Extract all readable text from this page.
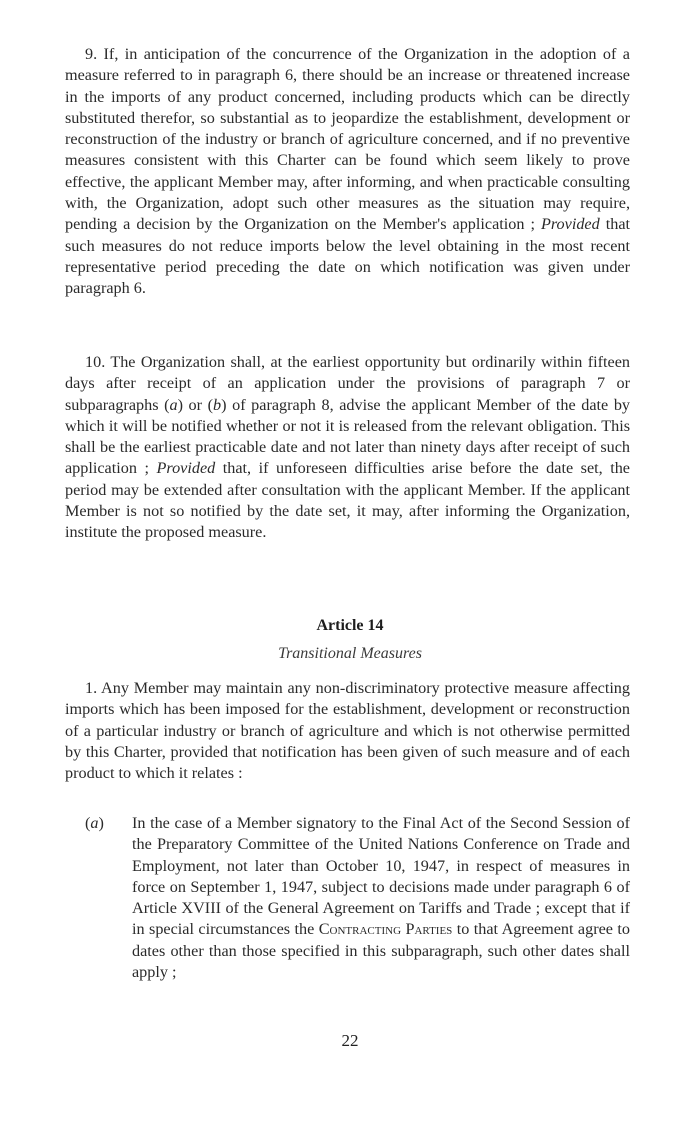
9. If, in anticipation of the concurrence of the Organization in the adoption of a measure referred to in paragraph 6, there should be an increase or threatened increase in the imports of any product concerned, including products which can be directly substituted therefor, so substantial as to jeopardize the establishment, development or reconstruction of the industry or branch of agriculture concerned, and if no preventive measures consistent with this Charter can be found which seem likely to prove effective, the applicant Member may, after informing, and when practicable consulting with, the Organization, adopt such other measures as the situation may require, pending a decision by the Organization on the Member's application ; Provided that such measures do not reduce imports below the level obtaining in the most recent representative period preceding the date on which notification was given under paragraph 6.

10. The Organization shall, at the earliest opportunity but ordinarily within fifteen days after receipt of an application under the provisions of paragraph 7 or subparagraphs (a) or (b) of paragraph 8, advise the applicant Member of the date by which it will be notified whether or not it is released from the relevant obligation. This shall be the earliest practicable date and not later than ninety days after receipt of such application ; Provided that, if unforeseen difficulties arise before the date set, the period may be extended after consultation with the applicant Member. If the applicant Member is not so notified by the date set, it may, after informing the Organization, institute the proposed measure.

Article 14
Transitional Measures

1. Any Member may maintain any non-discriminatory protective measure affecting imports which has been imposed for the establishment, development or reconstruction of a particular industry or branch of agriculture and which is not otherwise permitted by this Charter, provided that notification has been given of such measure and of each product to which it relates :

(a) In the case of a Member signatory to the Final Act of the Second Session of the Preparatory Committee of the United Nations Conference on Trade and Employment, not later than October 10, 1947, in respect of measures in force on September 1, 1947, subject to decisions made under paragraph 6 of Article XVIII of the General Agreement on Tariffs and Trade ; except that if in special circumstances the Contracting Parties to that Agreement agree to dates other than those specified in this subparagraph, such other dates shall apply ;
22
